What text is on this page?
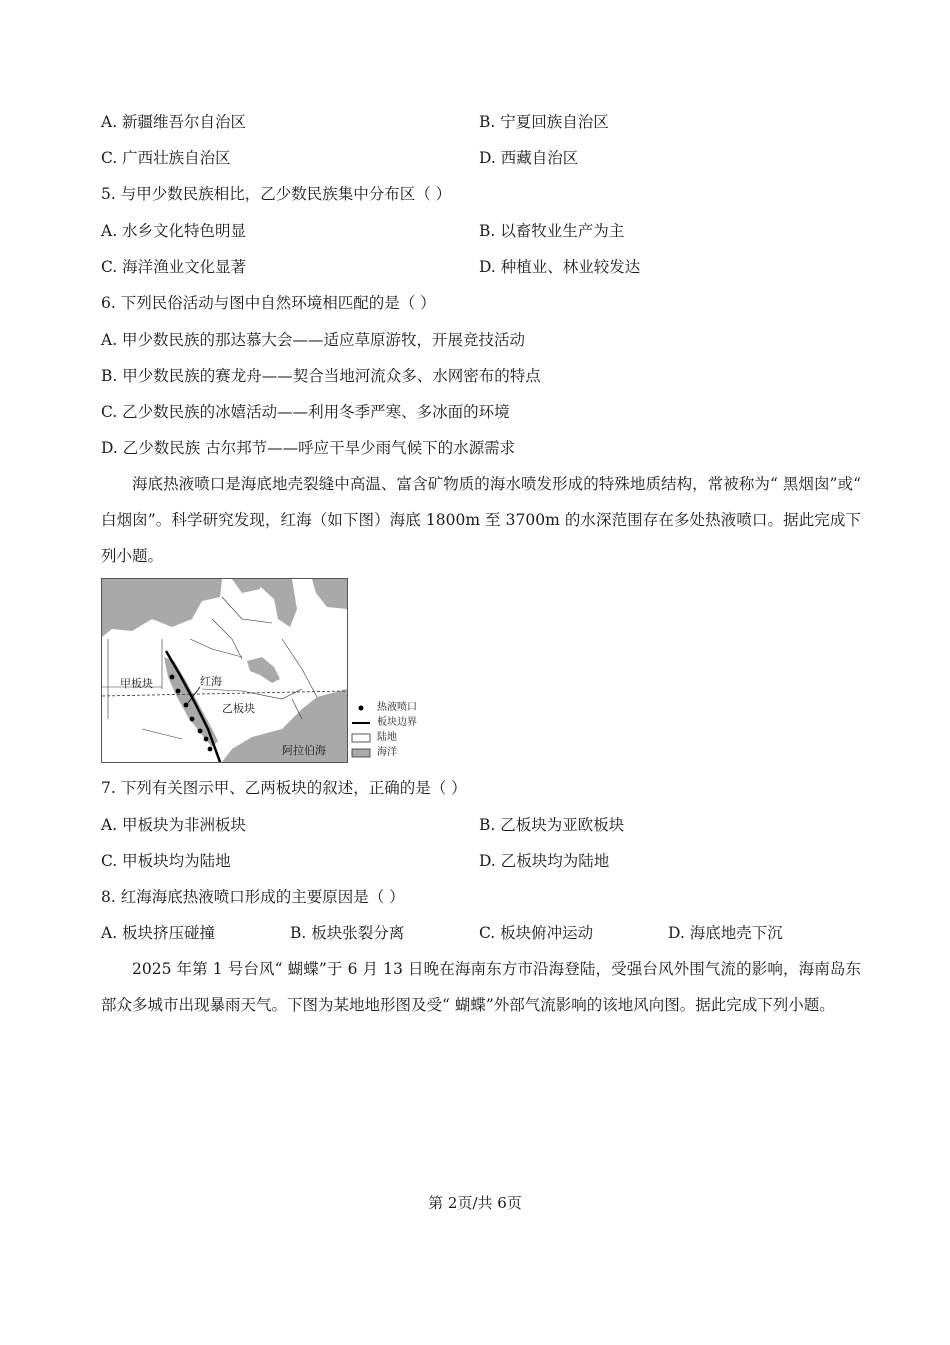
A. 新疆维吾尔自治区	B. 宁夏回族自治区
C. 广西壮族自治区	D. 西藏自治区
5. 与甲少数民族相比，乙少数民族集中分布区（ ）
A. 水乡文化特色明显	B. 以畜牧业生产为主
C. 海洋渔业文化显著	D. 种植业、林业较发达
6. 下列民俗活动与图中自然环境相匹配的是（ ）
A. 甲少数民族的那达慕大会——适应草原游牧，开展竞技活动
B. 甲少数民族的赛龙舟——契合当地河流众多、水网密布的特点
C. 乙少数民族的冰嬉活动——利用冬季严寒、多冰面的环境
D. 乙少数民族 古尔邦节——呼应干旱少雨气候下的水源需求
海底热液喷口是海底地壳裂缝中高温、富含矿物质的海水喷发形成的特殊地质结构，常被称为“ 黑烟囱”或“ 白烟囱”。科学研究发现，红海（如下图）海底 1800m 至 3700m 的水深范围存在多处热液喷口。据此完成下列小题。
甲板块	红海
乙板块
阿拉伯海
热液喷口
板块边界
陆地
海洋
7. 下列有关图示甲、乙两板块的叙述，正确的是（ ）
A. 甲板块为非洲板块	B. 乙板块为亚欧板块
C. 甲板块均为陆地	D. 乙板块均为陆地
8. 红海海底热液喷口形成的主要原因是（ ）
A. 板块挤压碰撞	B. 板块张裂分离	C. 板块俯冲运动	D. 海底地壳下沉
2025 年第 1 号台风“ 蝴蝶”于 6 月 13 日晚在海南东方市沿海登陆，受强台风外围气流的影响，海南岛东部众多城市出现暴雨天气。下图为某地地形图及受“ 蝴蝶”外部气流影响的该地风向图。据此完成下列小题。
第 2页/共 6页
